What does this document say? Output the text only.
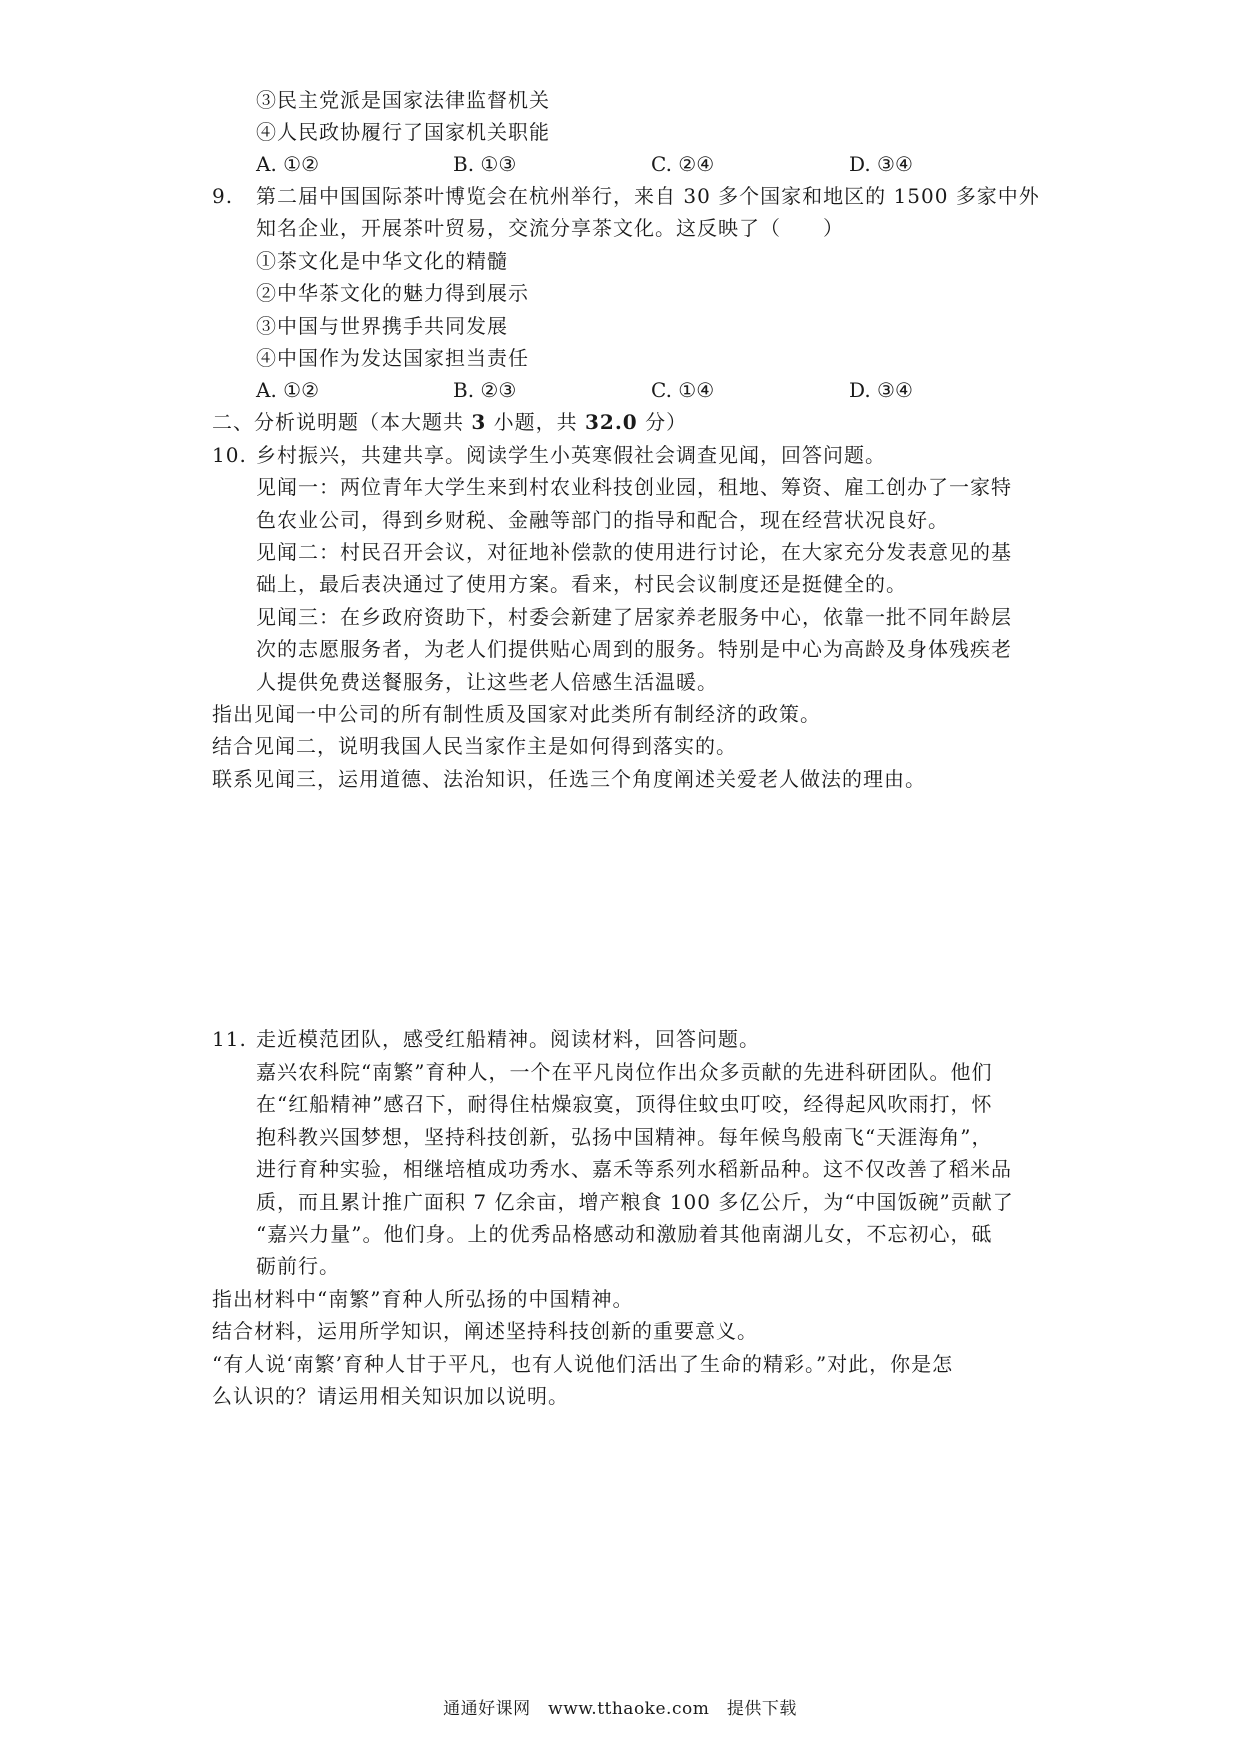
③民主党派是国家法律监督机关
④人民政协履行了国家机关职能
A. ①②	B. ①③	C. ②④	D. ③④
9. 第二届中国国际茶叶博览会在杭州举行，来自 30 多个国家和地区的 1500 多家中外
知名企业，开展茶叶贸易，交流分享茶文化。这反映了（　　）
①茶文化是中华文化的精髓
②中华茶文化的魅力得到展示
③中国与世界携手共同发展
④中国作为发达国家担当责任
A. ①②	B. ②③	C. ①④	D. ③④
二、分析说明题（本大题共 3 小题，共 32.0 分）
10. 乡村振兴，共建共享。阅读学生小英寒假社会调查见闻，回答问题。
见闻一：两位青年大学生来到村农业科技创业园，租地、筹资、雇工创办了一家特
色农业公司，得到乡财税、金融等部门的指导和配合，现在经营状况良好。
见闻二：村民召开会议，对征地补偿款的使用进行讨论，在大家充分发表意见的基
础上，最后表决通过了使用方案。看来，村民会议制度还是挺健全的。
见闻三：在乡政府资助下，村委会新建了居家养老服务中心，依靠一批不同年龄层
次的志愿服务者，为老人们提供贴心周到的服务。特别是中心为高龄及身体残疾老
人提供免费送餐服务，让这些老人倍感生活温暖。
指出见闻一中公司的所有制性质及国家对此类所有制经济的政策。
结合见闻二，说明我国人民当家作主是如何得到落实的。
联系见闻三，运用道德、法治知识，任选三个角度阐述关爱老人做法的理由。
11. 走近模范团队，感受红船精神。阅读材料，回答问题。
嘉兴农科院“南繁”育种人，一个在平凡岗位作出众多贡献的先进科研团队。他们
在“红船精神”感召下，耐得住枯燥寂寞，顶得住蚊虫叮咬，经得起风吹雨打，怀
抱科教兴国梦想，坚持科技创新，弘扬中国精神。每年候鸟般南飞“天涯海角”，
进行育种实验，相继培植成功秀水、嘉禾等系列水稻新品种。这不仅改善了稻米品
质，而且累计推广面积 7 亿余亩，增产粮食 100 多亿公斤，为“中国饭碗”贡献了
“嘉兴力量”。他们身。上的优秀品格感动和激励着其他南湖儿女，不忘初心，砥
砺前行。
指出材料中“南繁”育种人所弘扬的中国精神。
结合材料，运用所学知识，阐述坚持科技创新的重要意义。
“有人说‘南繁’育种人甘于平凡，也有人说他们活出了生命的精彩。”对此，你是怎
么认识的？请运用相关知识加以说明。
通通好课网　www.tthaoke.com　提供下载
